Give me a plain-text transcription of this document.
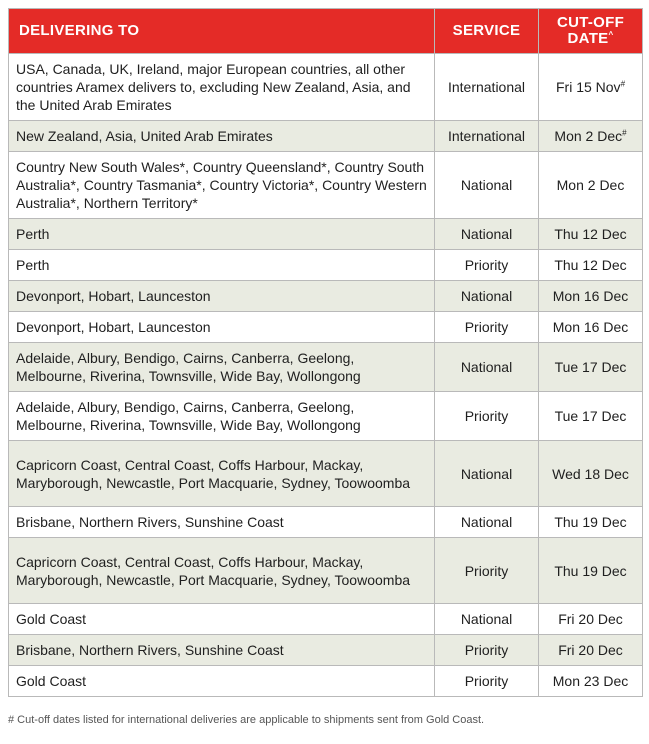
DELIVERING TO	SERVICE	CUT-OFF
DATE^
USA, Canada, UK, Ireland, major European countries, all other countries Aramex delivers to, excluding New Zealand, Asia, and the United Arab Emirates	International	Fri 15 Nov#
New Zealand, Asia, United Arab Emirates	International	Mon 2 Dec#
Country New South Wales*, Country Queensland*, Country South Australia*, Country Tasmania*, Country Victoria*, Country Western Australia*, Northern Territory*	National	Mon 2 Dec
Perth	National	Thu 12 Dec
Perth	Priority	Thu 12 Dec
Devonport, Hobart, Launceston	National	Mon 16 Dec
Devonport, Hobart, Launceston	Priority	Mon 16 Dec
Adelaide, Albury, Bendigo, Cairns, Canberra, Geelong, Melbourne, Riverina, Townsville, Wide Bay, Wollongong	National	Tue 17 Dec
Adelaide, Albury, Bendigo, Cairns, Canberra, Geelong, Melbourne, Riverina, Townsville, Wide Bay, Wollongong	Priority	Tue 17 Dec
Capricorn Coast, Central Coast, Coffs Harbour, Mackay, Maryborough, Newcastle, Port Macquarie, Sydney, Toowoomba	National	Wed 18 Dec
Brisbane, Northern Rivers, Sunshine Coast	National	Thu 19 Dec
Capricorn Coast, Central Coast, Coffs Harbour, Mackay, Maryborough, Newcastle, Port Macquarie, Sydney, Toowoomba	Priority	Thu 19 Dec
Gold Coast	National	Fri 20 Dec
Brisbane, Northern Rivers, Sunshine Coast	Priority	Fri 20 Dec
Gold Coast	Priority	Mon 23 Dec
# Cut-off dates listed for international deliveries are applicable to shipments sent from Gold Coast.
